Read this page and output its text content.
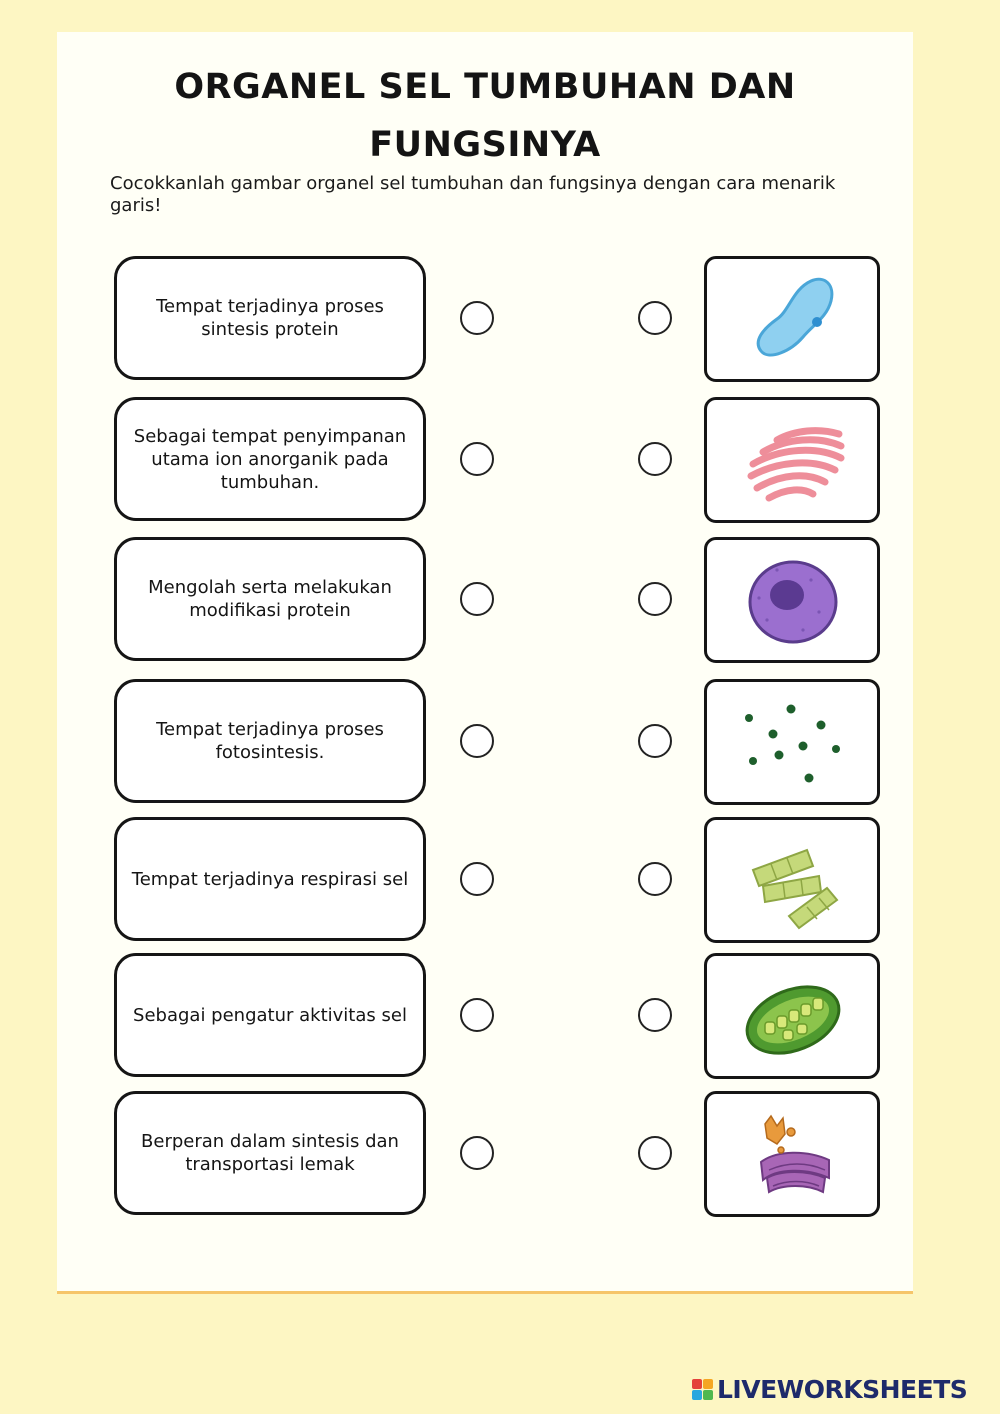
ORGANEL SEL TUMBUHAN DAN
FUNGSINYA

Cocokkanlah gambar organel sel tumbuhan dan fungsinya dengan cara menarik garis!

Tempat terjadinya proses sintesis protein
Sebagai tempat penyimpanan utama ion anorganik pada tumbuhan.
Mengolah serta melakukan modifikasi protein
Tempat terjadinya proses fotosintesis.
Tempat terjadinya respirasi sel
Sebagai pengatur aktivitas sel
Berperan dalam sintesis dan transportasi lemak
LIVEWORKSHEETS
